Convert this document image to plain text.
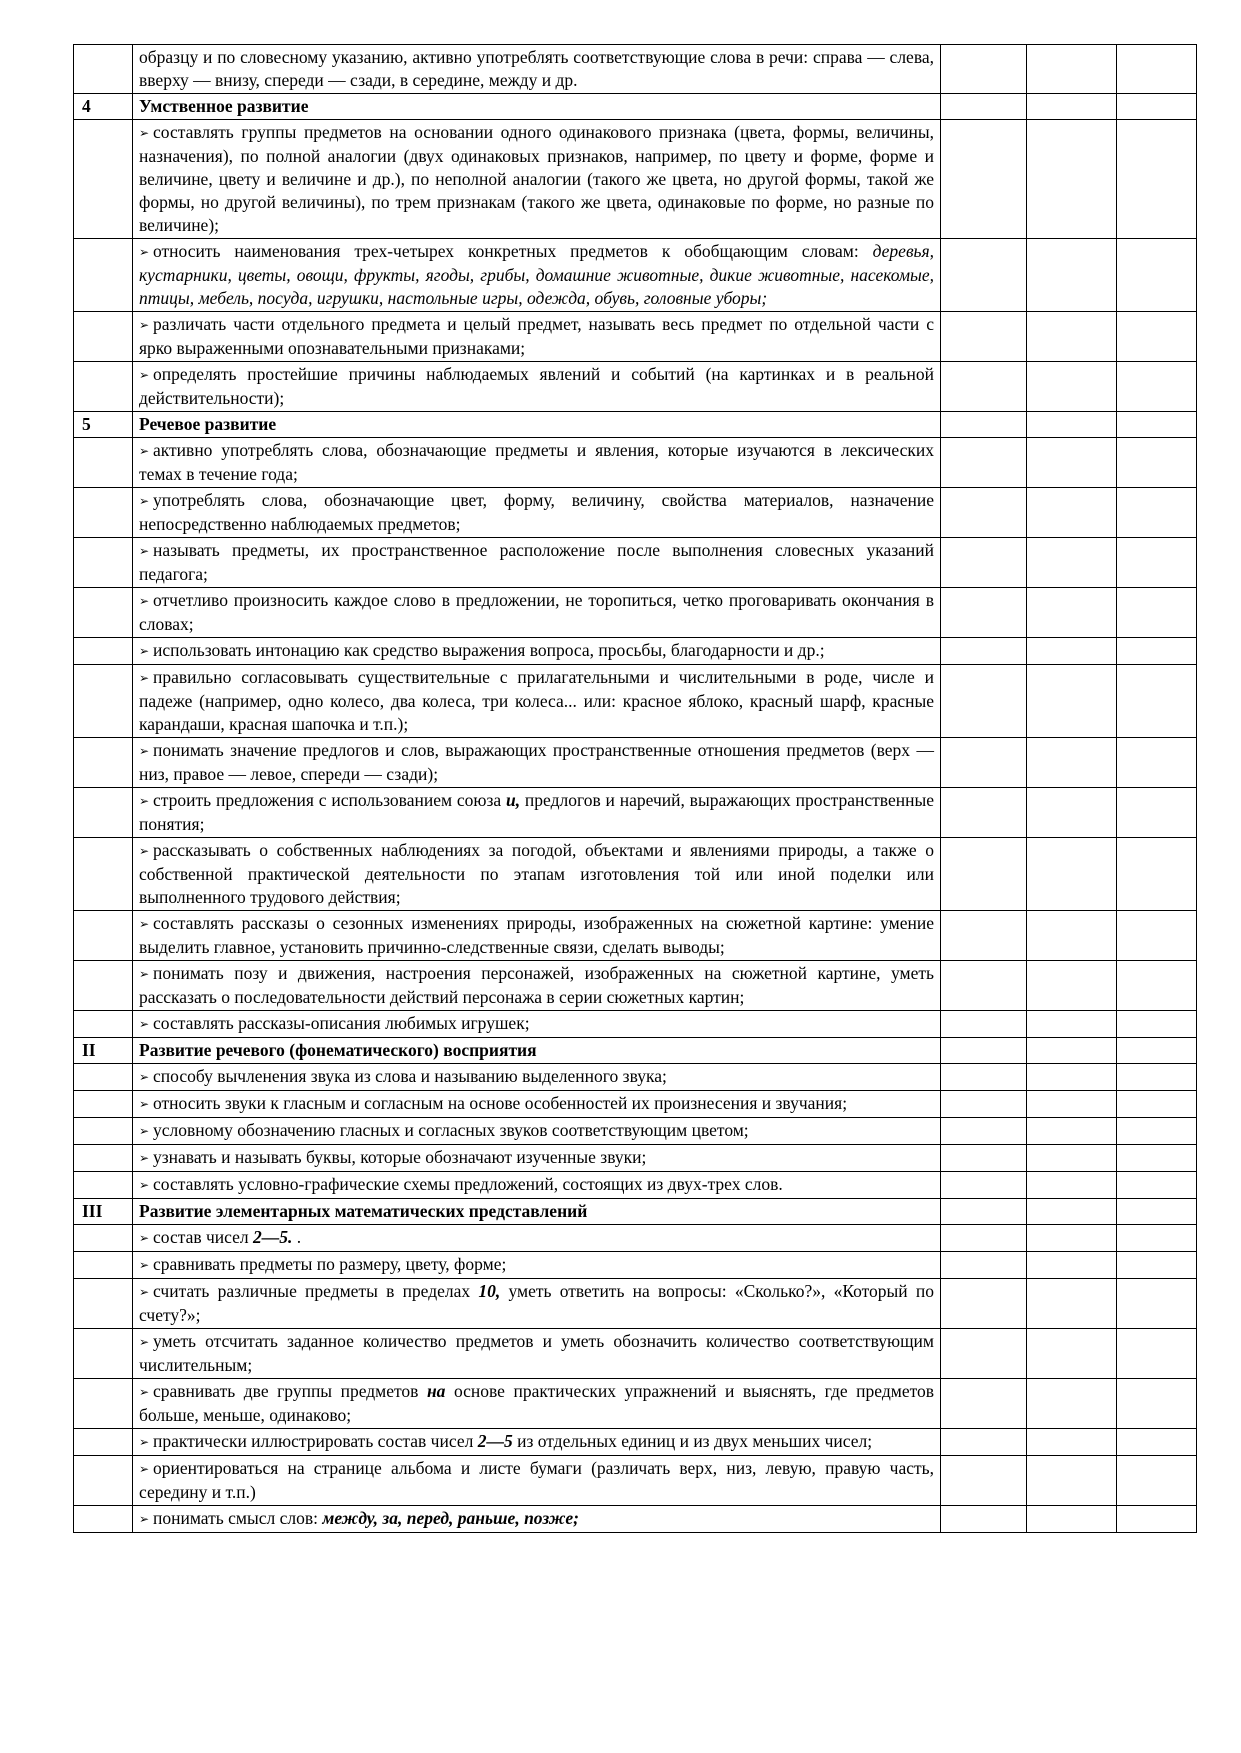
	образцу и по словесному указанию, активно употреблять соответствующие слова в речи: справа — слева, вверху — внизу, спереди — сзади, в середине, между и др.			
4	Умственное развитие			
	➢ составлять группы предметов на основании одного одинакового признака (цвета, формы, величины, назначения), по полной аналогии (двух одинаковых признаков, например, по цвету и форме, форме и величине, цвету и величине и др.), по неполной аналогии (такого же цвета, но другой формы, такой же формы, но другой величины), по трем признакам (такого же цвета, одинаковые по форме, но разные по величине);			
	➢ относить наименования трех-четырех конкретных предметов к обобщающим словам: деревья, кустарники, цветы, овощи, фрукты, ягоды, грибы, домашние животные, дикие животные, насекомые, птицы, мебель, посуда, игрушки, настольные игры, одежда, обувь, головные уборы;			
	➢ различать части отдельного предмета и целый предмет, называть весь предмет по отдельной части с ярко выраженными опознавательными признаками;			
	➢ определять простейшие причины наблюдаемых явлений и событий (на картинках и в реальной действительности);			
5	Речевое развитие			
	➢ активно употреблять слова, обозначающие предметы и явления, которые изучаются в лексических темах в течение года;			
	➢ употреблять слова, обозначающие цвет, форму, величину, свойства материалов, назначение непосредственно наблюдаемых предметов;			
	➢ называть предметы, их пространственное расположение после выполнения словесных указаний педагога;			
	➢ отчетливо произносить каждое слово в предложении, не торопиться, четко проговаривать окончания в словах;			
	➢ использовать интонацию как средство выражения вопроса, просьбы, благодарности и др.;			
	➢ правильно согласовывать существительные с прилагательными и числительными в роде, числе и падеже (например, одно колесо, два колеса, три колеса... или: красное яблоко, красный шарф, красные карандаши, красная шапочка и т.п.);			
	➢ понимать значение предлогов и слов, выражающих пространственные отношения предметов (верх — низ, правое — левое, спереди — сзади);			
	➢ строить предложения с использованием союза и, предлогов и наречий, выражающих пространственные понятия;			
	➢ рассказывать о собственных наблюдениях за погодой, объектами и явлениями природы, а также о собственной практической деятельности по этапам изготовления той или иной поделки или выполненного трудового действия;			
	➢ составлять рассказы о сезонных изменениях природы, изображенных на сюжетной картине: умение выделить главное, установить причинно-следственные связи, сделать выводы;			
	➢ понимать позу и движения, настроения персонажей, изображенных на сюжетной картине, уметь рассказать о последовательности действий персонажа в серии сюжетных картин;			
	➢ составлять рассказы-описания любимых игрушек;			
II	Развитие речевого (фонематического) восприятия			
	➢ способу вычленения звука из слова и называнию выделенного звука;			
	➢ относить звуки к гласным и согласным на основе особенностей их произнесения и звучания;			
	➢ условному обозначению гласных и согласных звуков соответствующим цветом;			
	➢ узнавать и называть буквы, которые обозначают изученные звуки;			
	➢ составлять условно-графические схемы предложений, состоящих из двух-трех слов.			
III	Развитие элементарных математических представлений			
	➢ состав чисел 2—5. .			
	➢ сравнивать предметы по размеру, цвету, форме;			
	➢ считать различные предметы в пределах 10, уметь ответить на вопросы: «Сколько?», «Который по счету?»;			
	➢ уметь отсчитать заданное количество предметов и уметь обозначить количество соответствующим числительным;			
	➢ сравнивать две группы предметов на основе практических упражнений и выяснять, где предметов больше, меньше, одинаково;			
	➢ практически иллюстрировать состав чисел 2—5 из отдельных единиц и из двух меньших чисел;			
	➢ ориентироваться на странице альбома и листе бумаги (различать верх, низ, левую, правую часть, середину и т.п.)			
	➢ понимать смысл слов: между, за, перед, раньше, позже;			
